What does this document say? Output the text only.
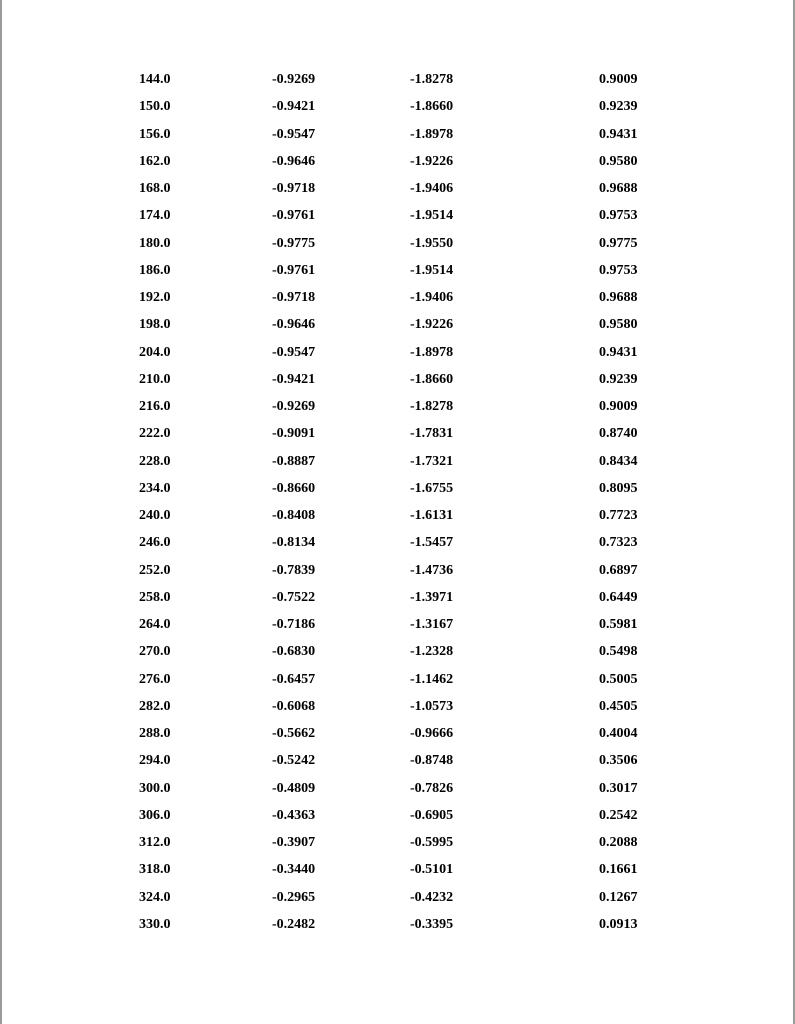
144.0	-0.9269	-1.8278	0.9009
150.0	-0.9421	-1.8660	0.9239
156.0	-0.9547	-1.8978	0.9431
162.0	-0.9646	-1.9226	0.9580
168.0	-0.9718	-1.9406	0.9688
174.0	-0.9761	-1.9514	0.9753
180.0	-0.9775	-1.9550	0.9775
186.0	-0.9761	-1.9514	0.9753
192.0	-0.9718	-1.9406	0.9688
198.0	-0.9646	-1.9226	0.9580
204.0	-0.9547	-1.8978	0.9431
210.0	-0.9421	-1.8660	0.9239
216.0	-0.9269	-1.8278	0.9009
222.0	-0.9091	-1.7831	0.8740
228.0	-0.8887	-1.7321	0.8434
234.0	-0.8660	-1.6755	0.8095
240.0	-0.8408	-1.6131	0.7723
246.0	-0.8134	-1.5457	0.7323
252.0	-0.7839	-1.4736	0.6897
258.0	-0.7522	-1.3971	0.6449
264.0	-0.7186	-1.3167	0.5981
270.0	-0.6830	-1.2328	0.5498
276.0	-0.6457	-1.1462	0.5005
282.0	-0.6068	-1.0573	0.4505
288.0	-0.5662	-0.9666	0.4004
294.0	-0.5242	-0.8748	0.3506
300.0	-0.4809	-0.7826	0.3017
306.0	-0.4363	-0.6905	0.2542
312.0	-0.3907	-0.5995	0.2088
318.0	-0.3440	-0.5101	0.1661
324.0	-0.2965	-0.4232	0.1267
330.0	-0.2482	-0.3395	0.0913
